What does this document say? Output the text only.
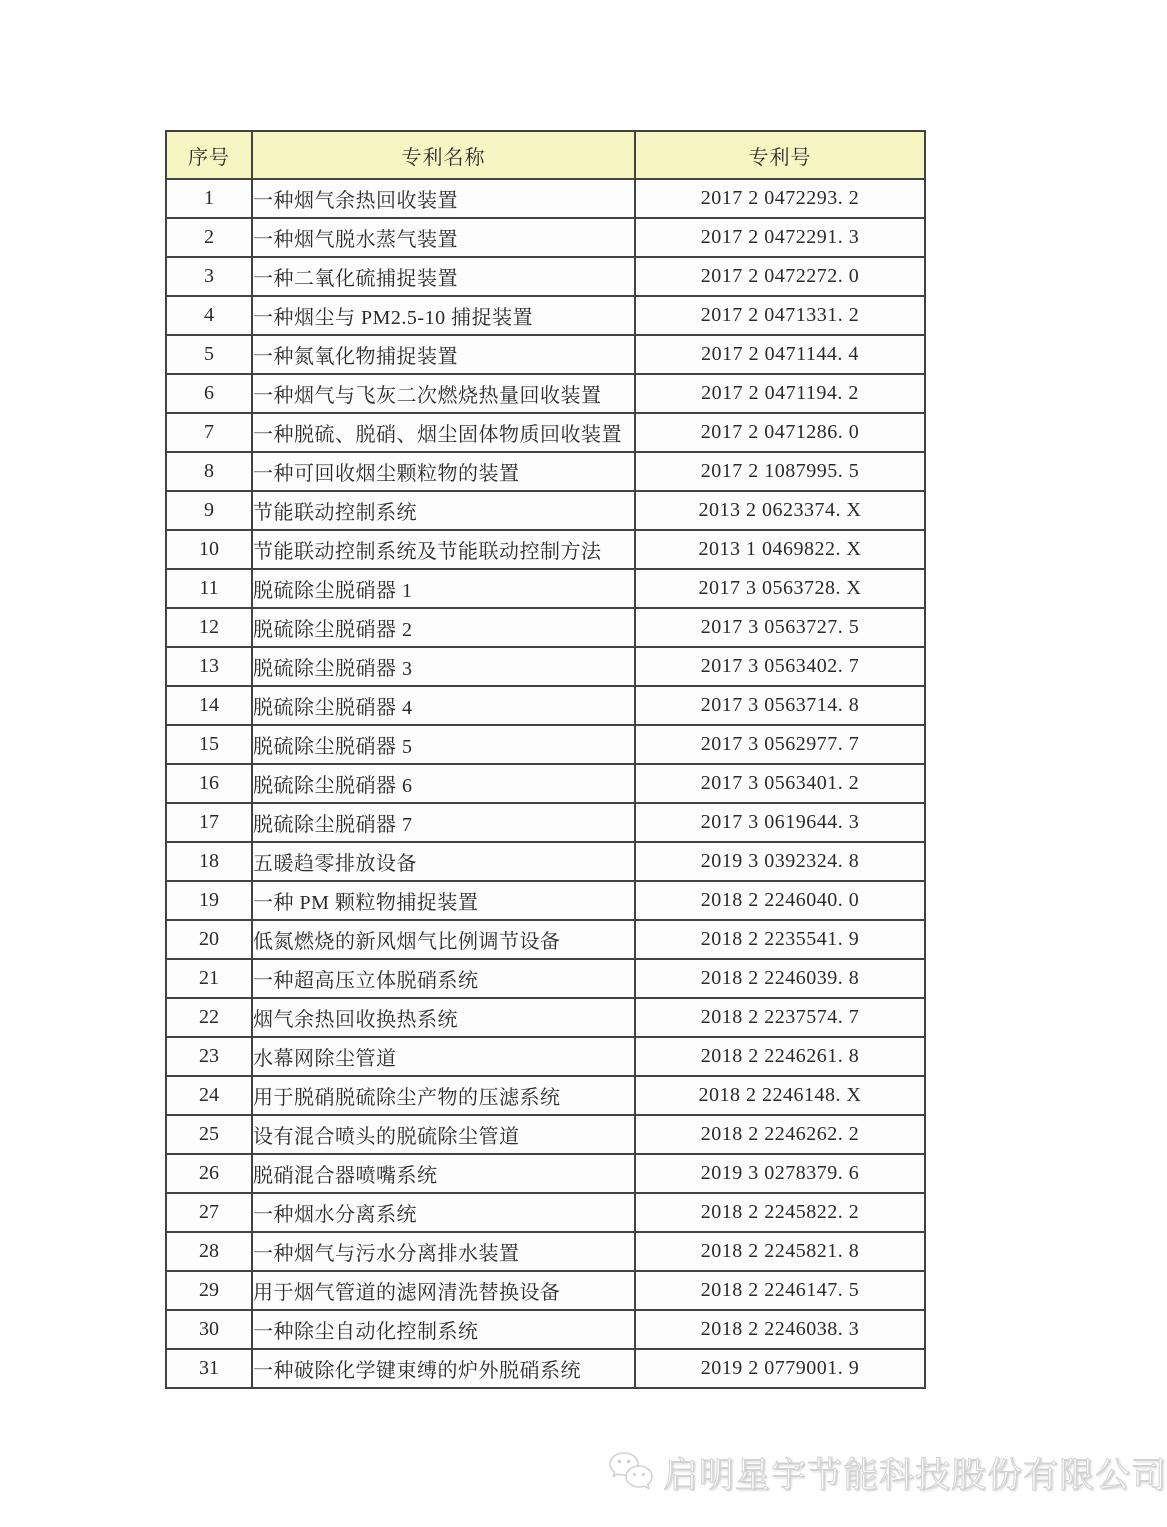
序号	专利名称	专利号
1	一种烟气余热回收装置	2017 2 0472293. 2
2	一种烟气脱水蒸气装置	2017 2 0472291. 3
3	一种二氧化硫捕捉装置	2017 2 0472272. 0
4	一种烟尘与 PM2.5-10 捕捉装置	2017 2 0471331. 2
5	一种氮氧化物捕捉装置	2017 2 0471144. 4
6	一种烟气与飞灰二次燃烧热量回收装置	2017 2 0471194. 2
7	一种脱硫、脱硝、烟尘固体物质回收装置	2017 2 0471286. 0
8	一种可回收烟尘颗粒物的装置	2017 2 1087995. 5
9	节能联动控制系统	2013 2 0623374. X
10	节能联动控制系统及节能联动控制方法	2013 1 0469822. X
11	脱硫除尘脱硝器 1	2017 3 0563728. X
12	脱硫除尘脱硝器 2	2017 3 0563727. 5
13	脱硫除尘脱硝器 3	2017 3 0563402. 7
14	脱硫除尘脱硝器 4	2017 3 0563714. 8
15	脱硫除尘脱硝器 5	2017 3 0562977. 7
16	脱硫除尘脱硝器 6	2017 3 0563401. 2
17	脱硫除尘脱硝器 7	2017 3 0619644. 3
18	五暖趋零排放设备	2019 3 0392324. 8
19	一种 PM 颗粒物捕捉装置	2018 2 2246040. 0
20	低氮燃烧的新风烟气比例调节设备	2018 2 2235541. 9
21	一种超高压立体脱硝系统	2018 2 2246039. 8
22	烟气余热回收换热系统	2018 2 2237574. 7
23	水幕网除尘管道	2018 2 2246261. 8
24	用于脱硝脱硫除尘产物的压滤系统	2018 2 2246148. X
25	设有混合喷头的脱硫除尘管道	2018 2 2246262. 2
26	脱硝混合器喷嘴系统	2019 3 0278379. 6
27	一种烟水分离系统	2018 2 2245822. 2
28	一种烟气与污水分离排水装置	2018 2 2245821. 8
29	用于烟气管道的滤网清洗替换设备	2018 2 2246147. 5
30	一种除尘自动化控制系统	2018 2 2246038. 3
31	一种破除化学键束缚的炉外脱硝系统	2019 2 0779001. 9
启明星宇节能科技股份有限公司
